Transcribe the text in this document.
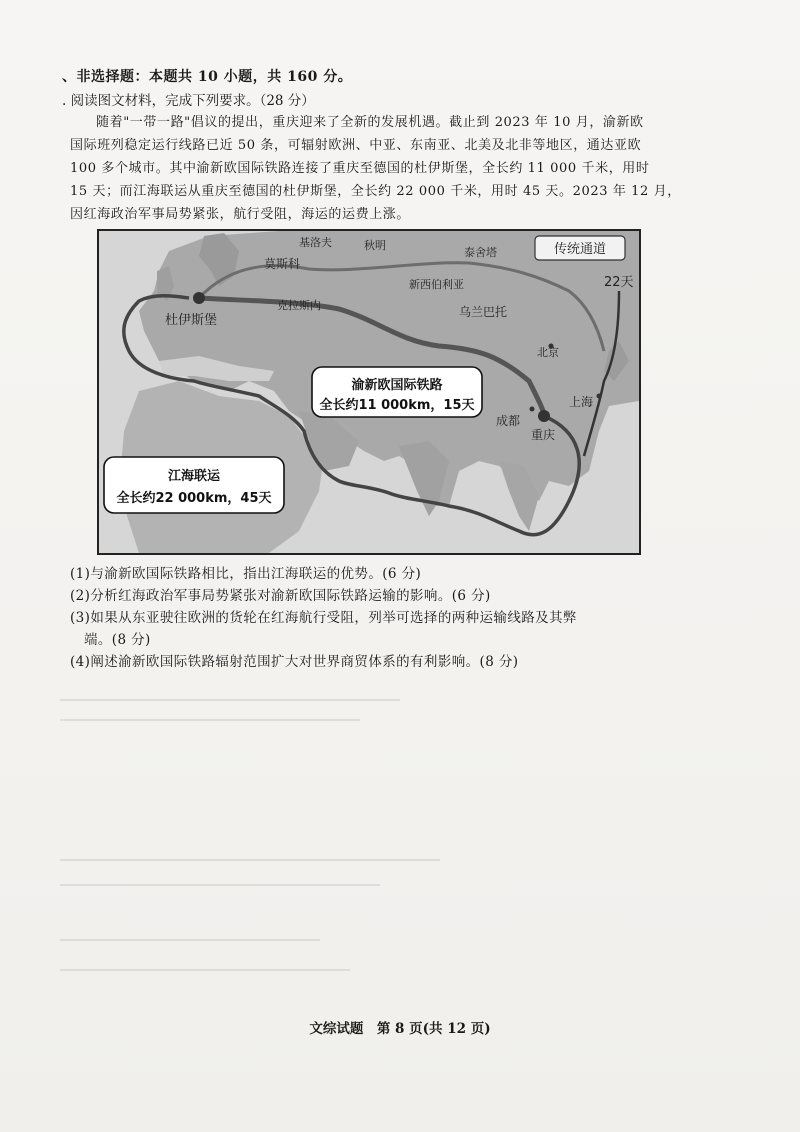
、非选择题：本题共 10 小题，共 160 分。
. 阅读图文材料，完成下列要求。（28 分）

随着"一带一路"倡议的提出，重庆迎来了全新的发展机遇。截止到 2023 年 10 月，渝新欧

国际班列稳定运行线路已近 50 条，可辐射欧洲、中亚、东南亚、北美及北非等地区，通达亚欧

100 多个城市。其中渝新欧国际铁路连接了重庆至德国的杜伊斯堡，全长约 11 000 千米，用时

15 天；而江海联运从重庆至德国的杜伊斯堡，全长约 22 000 千米，用时 45 天。2023 年 12 月，

因红海政治军事局势紧张，航行受阻，海运的运费上涨。

传统通道
22天
杜伊斯堡
基洛夫
莫斯科
秋明
泰舍塔
新西伯利亚
克拉斯内	乌兰巴托
北京
上海
成都
重庆
渝新欧国际铁路
全长约11 000km，15天
江海联运
全长约22 000km，45天

(1)与渝新欧国际铁路相比，指出江海联运的优势。(6 分)

(2)分析红海政治军事局势紧张对渝新欧国际铁路运输的影响。(6 分)

(3)如果从东亚驶往欧洲的货轮在红海航行受阻，列举可选择的两种运输线路及其弊

端。(8 分)

(4)阐述渝新欧国际铁路辐射范围扩大对世界商贸体系的有利影响。(8 分)

文综试题　第 8 页(共 12 页)
